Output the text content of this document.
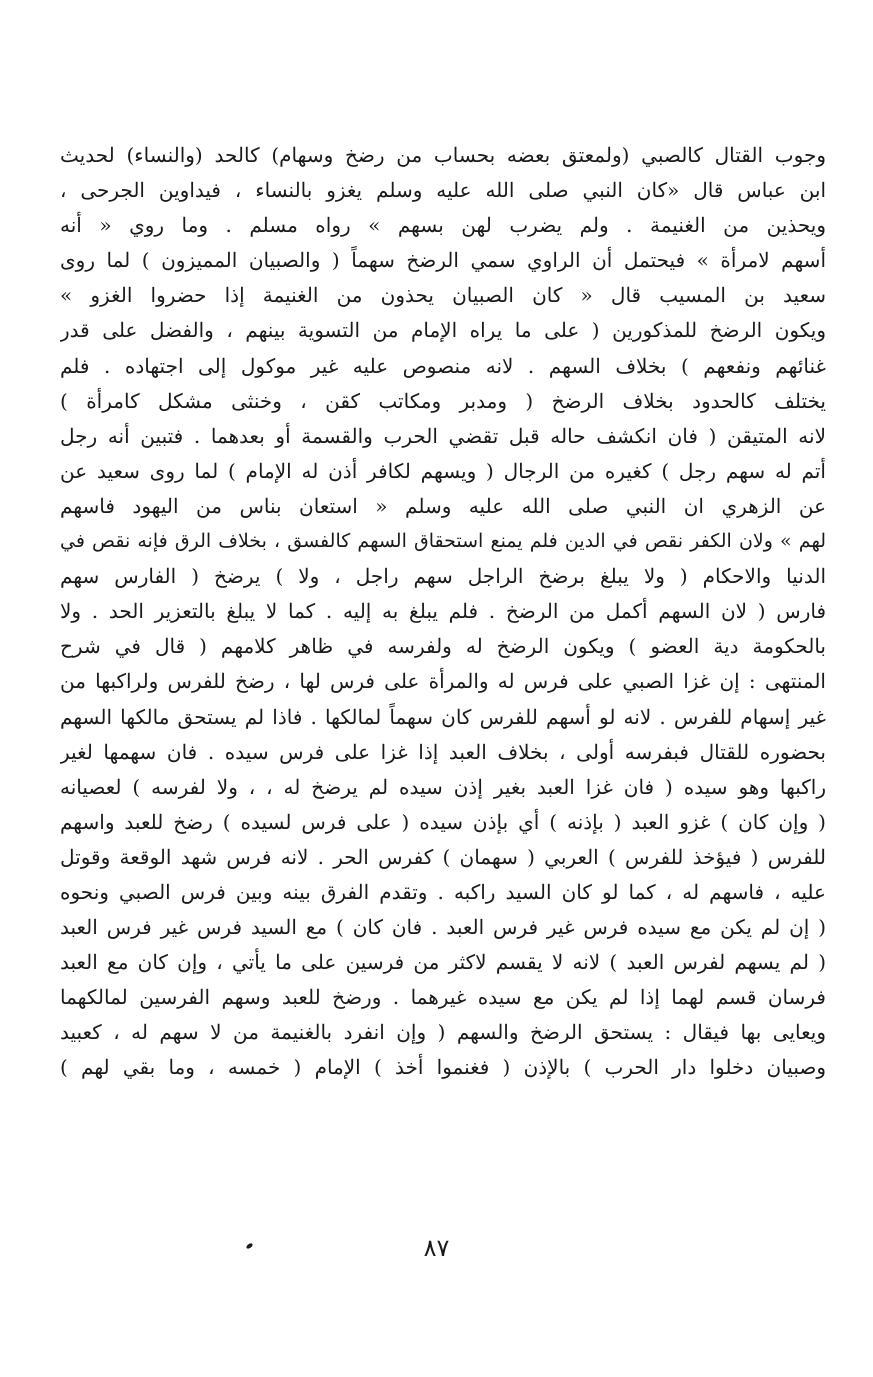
وجوب القتال كالصبي (ولمعتق بعضه بحساب من رضخ وسهام) كالحد (والنساء) لحديث
ابن عباس قال «كان النبي صلى الله عليه وسلم يغزو بالنساء ، فيداوين الجرحى ،
ويحذين من الغنيمة . ولم يضرب لهن بسهم » رواه مسلم . وما روي « أنه
أسهم لامرأة » فيحتمل أن الراوي سمي الرضخ سهماً ( والصبيان المميزون ) لما روى
سعيد بن المسيب قال « كان الصبيان يحذون من الغنيمة إذا حضروا الغزو »
ويكون الرضخ للمذكورين ( على ما يراه الإمام من التسوية بينهم ، والفضل على قدر
غنائهم ونفعهم ) بخلاف السهم . لانه منصوص عليه غير موكول إلى اجتهاده . فلم
يختلف كالحدود بخلاف الرضخ ( ومدبر ومكاتب كقن ، وخنثى مشكل كامرأة )
لانه المتيقن ( فان انكشف حاله قبل تقضي الحرب والقسمة أو بعدهما . فتبين أنه رجل
أتم له سهم رجل ) كغيره من الرجال ( ويسهم لكافر أذن له الإمام ) لما روى سعيد عن
عن الزهري ان النبي صلى الله عليه وسلم « استعان بناس من اليهود فاسهم
لهم » ولان الكفر نقص في الدين فلم يمنع استحقاق السهم كالفسق ، بخلاف الرق فإنه نقص في
الدنيا والاحكام ( ولا يبلغ برضخ الراجل سهم راجل ، ولا ) يرضخ ( الفارس سهم
فارس ( لان السهم أكمل من الرضخ . فلم يبلغ به إليه . كما لا يبلغ بالتعزير الحد . ولا
بالحكومة دية العضو ) ويكون الرضخ له ولفرسه في ظاهر كلامهم ( قال في شرح
المنتهى : إن غزا الصبي على فرس له والمرأة على فرس لها ، رضخ للفرس ولراكبها من
غير إسهام للفرس . لانه لو أسهم للفرس كان سهماً لمالكها . فاذا لم يستحق مالكها السهم
بحضوره للقتال فبفرسه أولى ، بخلاف العبد إذا غزا على فرس سيده . فان سهمها لغير
راكبها وهو سيده ( فان غزا العبد بغير إذن سيده لم يرضخ له ، ، ولا لفرسه ) لعصيانه
( وإن كان ) غزو العبد ( بإذنه ) أي بإذن سيده ( على فرس لسيده ) رضخ للعبد واسهم
للفرس ( فيؤخذ للفرس ) العربي ( سهمان ) كفرس الحر . لانه فرس شهد الوقعة وقوتل
عليه ، فاسهم له ، كما لو كان السيد راكبه . وتقدم الفرق بينه وبين فرس الصبي ونحوه
( إن لم يكن مع سيده فرس غير فرس العبد . فان كان ) مع السيد فرس غير فرس العبد
( لم يسهم لفرس العبد ) لانه لا يقسم لاكثر من فرسين على ما يأتي ، وإن كان مع العبد
فرسان قسم لهما إذا لم يكن مع سيده غيرهما . ورضخ للعبد وسهم الفرسين لمالكهما
ويعايى بها فيقال : يستحق الرضخ والسهم ( وإن انفرد بالغنيمة من لا سهم له ، كعبيد
وصبيان دخلوا دار الحرب ) بالإذن ( فغنموا أخذ ) الإمام ( خمسه ، وما بقي لهم )
٨٧
